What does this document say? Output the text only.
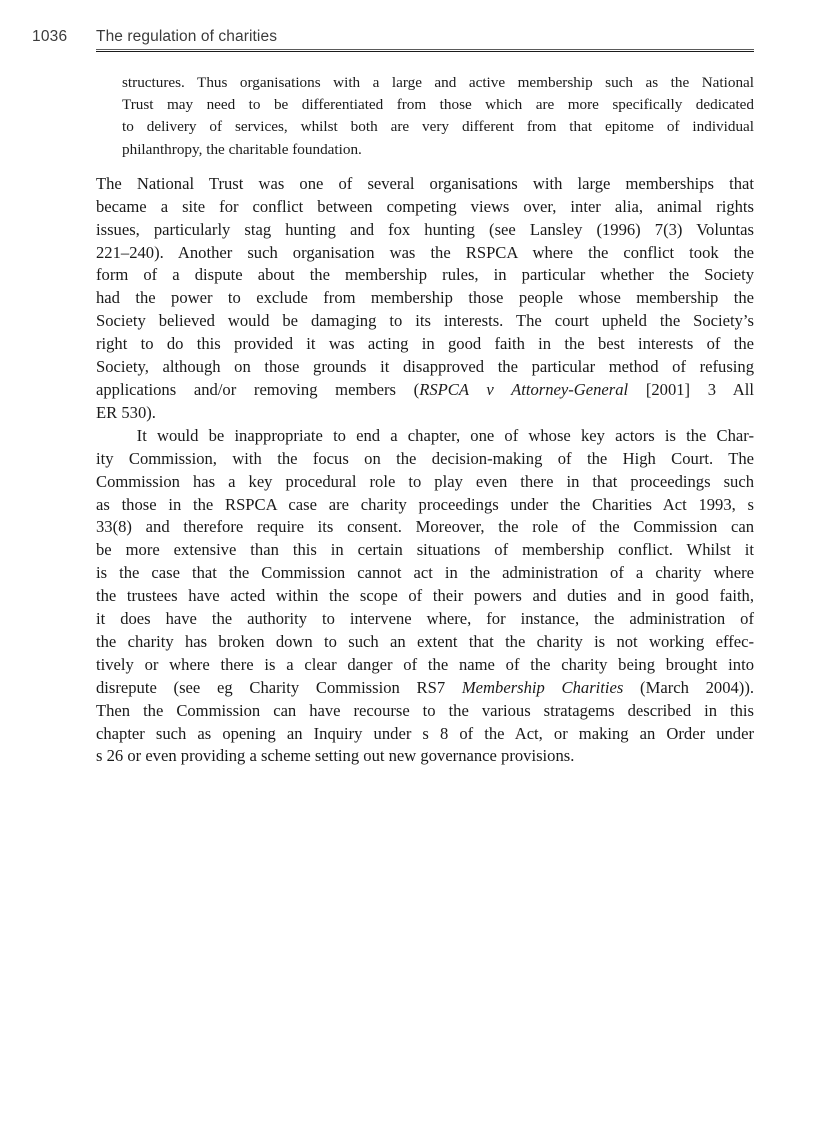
1036 The regulation of charities
structures. Thus organisations with a large and active membership such as the National
Trust may need to be differentiated from those which are more specifically dedicated
to delivery of services, whilst both are very different from that epitome of individual
philanthropy, the charitable foundation.
The National Trust was one of several organisations with large memberships that
became a site for conflict between competing views over, inter alia, animal rights
issues, particularly stag hunting and fox hunting (see Lansley (1996) 7(3) Voluntas
221–240). Another such organisation was the RSPCA where the conflict took the
form of a dispute about the membership rules, in particular whether the Society
had the power to exclude from membership those people whose membership the
Society believed would be damaging to its interests. The court upheld the Society’s
right to do this provided it was acting in good faith in the best interests of the
Society, although on those grounds it disapproved the particular method of refusing
applications and/or removing members (RSPCA v Attorney-General [2001] 3 All
ER 530).
It would be inappropriate to end a chapter, one of whose key actors is the Char-
ity Commission, with the focus on the decision-making of the High Court. The
Commission has a key procedural role to play even there in that proceedings such
as those in the RSPCA case are charity proceedings under the Charities Act 1993, s
33(8) and therefore require its consent. Moreover, the role of the Commission can
be more extensive than this in certain situations of membership conflict. Whilst it
is the case that the Commission cannot act in the administration of a charity where
the trustees have acted within the scope of their powers and duties and in good faith,
it does have the authority to intervene where, for instance, the administration of
the charity has broken down to such an extent that the charity is not working effec-
tively or where there is a clear danger of the name of the charity being brought into
disrepute (see eg Charity Commission RS7 Membership Charities (March 2004)).
Then the Commission can have recourse to the various stratagems described in this
chapter such as opening an Inquiry under s 8 of the Act, or making an Order under
s 26 or even providing a scheme setting out new governance provisions.
